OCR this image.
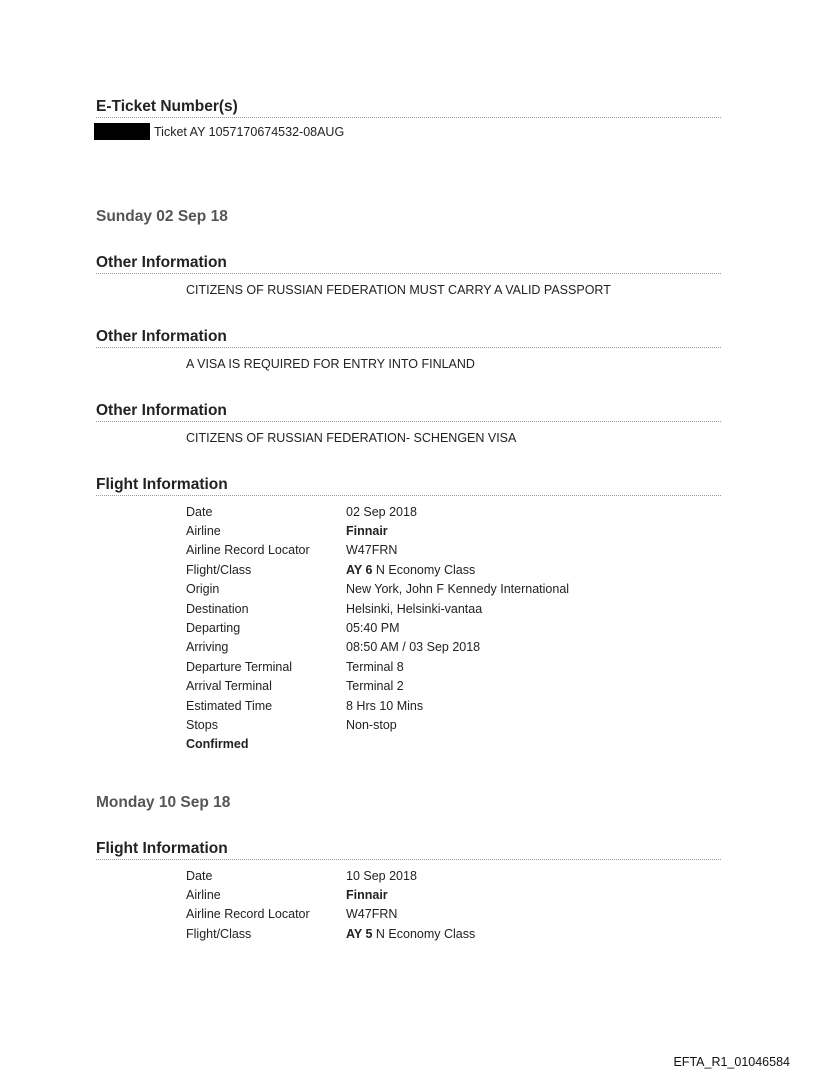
E-Ticket Number(s)
Ticket AY 1057170674532-08AUG
Sunday 02 Sep 18
Other Information
CITIZENS OF RUSSIAN FEDERATION MUST CARRY A VALID PASSPORT
Other Information
A VISA IS REQUIRED FOR ENTRY INTO FINLAND
Other Information
CITIZENS OF RUSSIAN FEDERATION- SCHENGEN VISA
Flight Information
Date	02 Sep 2018
Airline	Finnair
Airline Record Locator	W47FRN
Flight/Class	AY 6 N Economy Class
Origin	New York, John F Kennedy International
Destination	Helsinki, Helsinki-vantaa
Departing	05:40 PM
Arriving	08:50 AM / 03 Sep 2018
Departure Terminal	Terminal 8
Arrival Terminal	Terminal 2
Estimated Time	8 Hrs 10 Mins
Stops	Non-stop
Confirmed
Monday 10 Sep 18
Flight Information
Date	10 Sep 2018
Airline	Finnair
Airline Record Locator	W47FRN
Flight/Class	AY 5 N Economy Class
EFTA_R1_01046584
